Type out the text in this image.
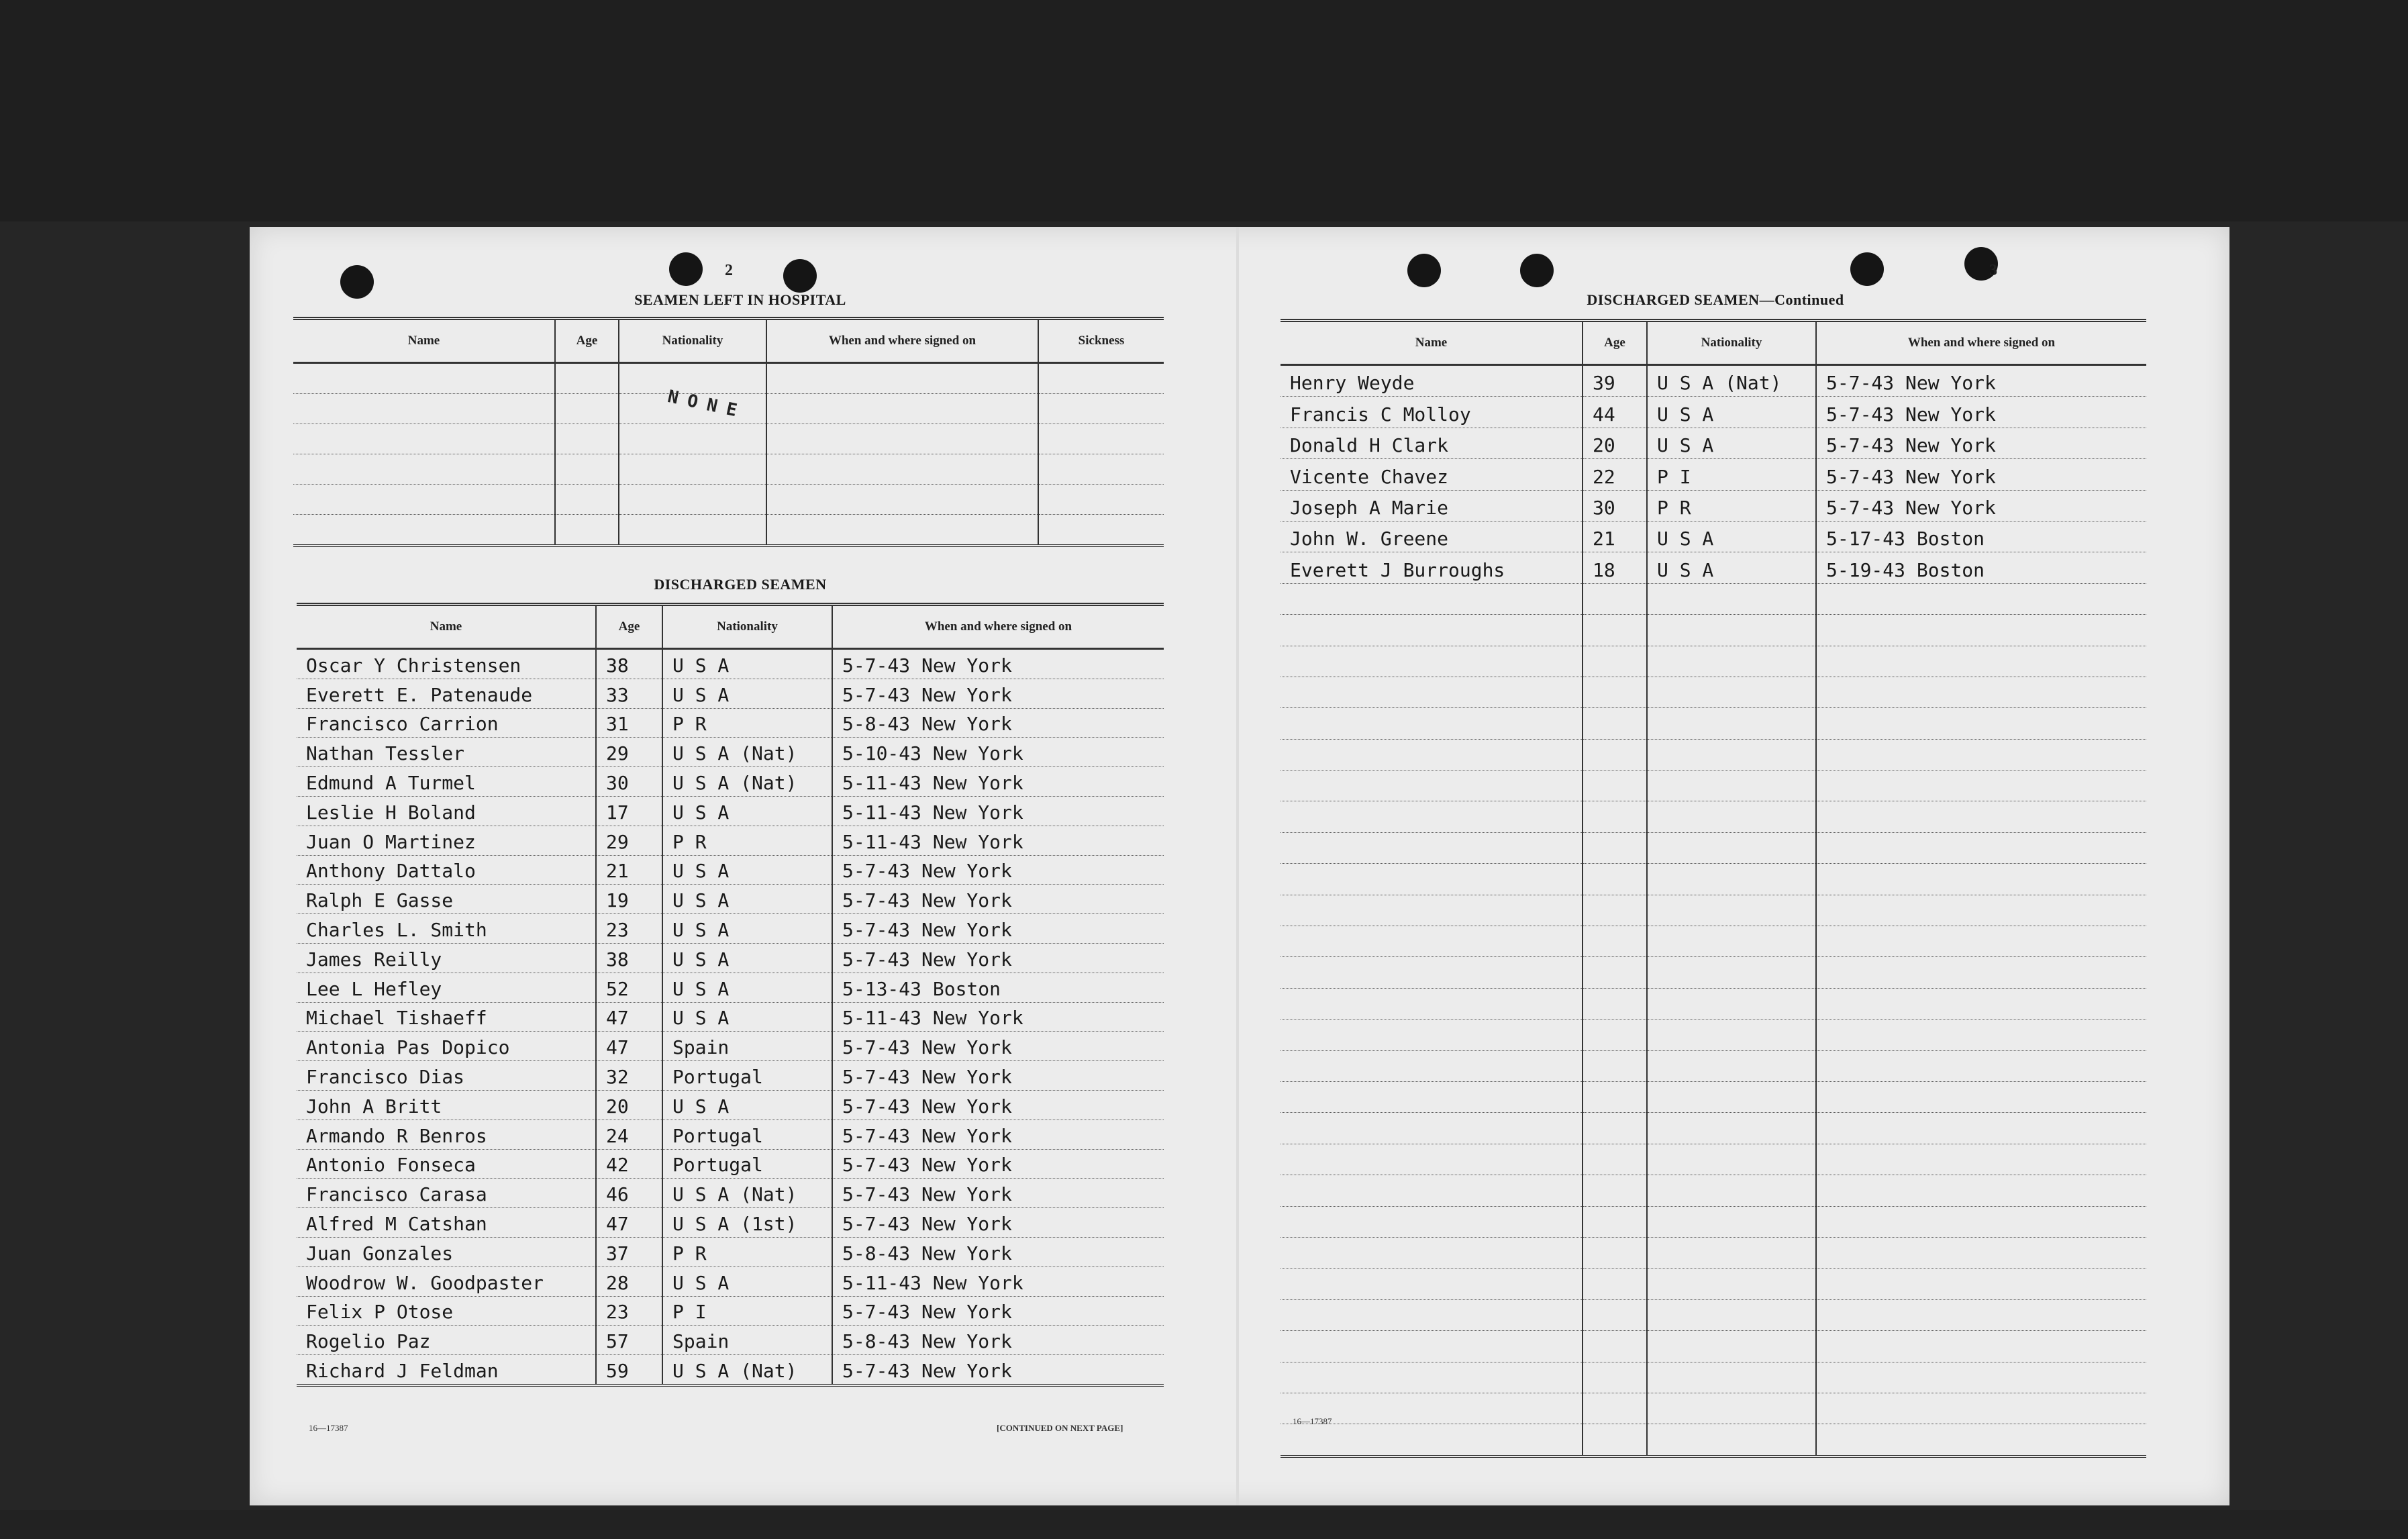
2
SEAMEN LEFT IN HOSPITAL
Name	Age	Nationality	When and where signed on	Sickness

NONE
DISCHARGED SEAMEN
Name	Age	Nationality	When and where signed on
Oscar Y Christensen	38	U S A	5-7-43 New York
Everett E. Patenaude	33	U S A	5-7-43 New York
Francisco Carrion	31	P R	5-8-43 New York
Nathan Tessler	29	U S A (Nat)	5-10-43 New York
Edmund A Turmel	30	U S A (Nat)	5-11-43 New York
Leslie H Boland	17	U S A	5-11-43 New York
Juan O Martinez	29	P R	5-11-43 New York
Anthony Dattalo	21	U S A	5-7-43 New York
Ralph E Gasse	19	U S A	5-7-43 New York
Charles L. Smith	23	U S A	5-7-43 New York
James Reilly	38	U S A	5-7-43 New York
Lee L Hefley	52	U S A	5-13-43 Boston
Michael Tishaeff	47	U S A	5-11-43 New York
Antonia Pas Dopico	47	Spain	5-7-43 New York
Francisco Dias	32	Portugal	5-7-43 New York
John A Britt	20	U S A	5-7-43 New York
Armando R Benros	24	Portugal	5-7-43 New York
Antonio Fonseca	42	Portugal	5-7-43 New York
Francisco Carasa	46	U S A (Nat)	5-7-43 New York
Alfred M Catshan	47	U S A (1st)	5-7-43 New York
Juan Gonzales	37	P R	5-8-43 New York
Woodrow W. Goodpaster	28	U S A	5-11-43 New York
Felix P Otose	23	P I	5-7-43 New York
Rogelio Paz	57	Spain	5-8-43 New York
Richard J Feldman	59	U S A (Nat)	5-7-43 New York
16—17387	[CONTINUED ON NEXT PAGE]
3
DISCHARGED SEAMEN—Continued
Name	Age	Nationality	When and where signed on
Henry Weyde	39	U S A (Nat)	5-7-43 New York
Francis C Molloy	44	U S A	5-7-43 New York
Donald H Clark	20	U S A	5-7-43 New York
Vicente Chavez	22	P I	5-7-43 New York
Joseph A Marie	30	P R	5-7-43 New York
John W. Greene	21	U S A	5-17-43 Boston
Everett J Burroughs	18	U S A	5-19-43 Boston

16—17387
